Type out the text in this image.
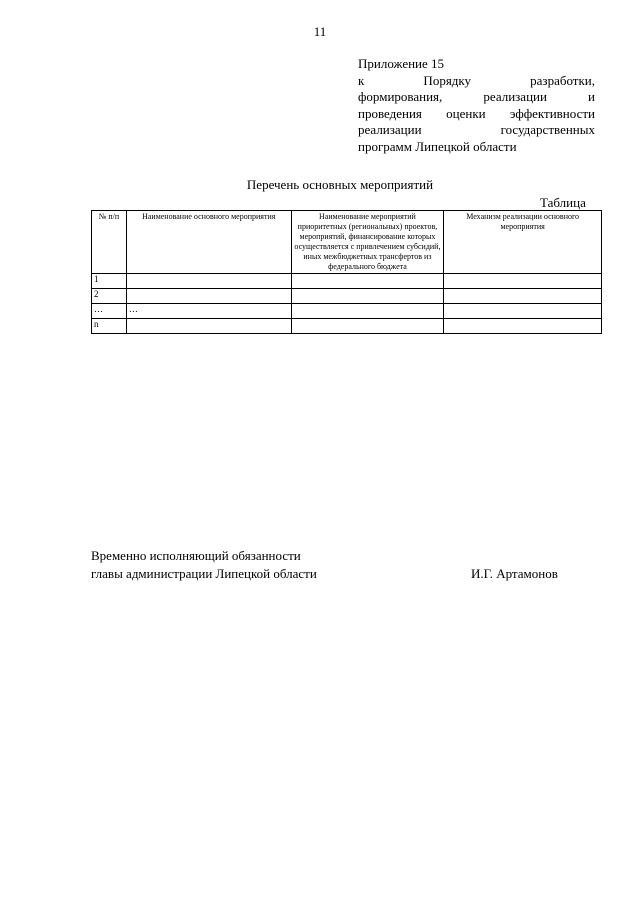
11
Приложение 15
к Порядку разработки,
формирования, реализации и
проведения оценки эффективности
реализации государственных
программ Липецкой области
Перечень основных мероприятий
Таблица
№ п/п	Наименование основного мероприятия	Наименование мероприятий приоритетных (региональных) проектов, мероприятий, финансирование которых осуществляется с привлечением субсидий, иных межбюджетных трансфертов из федерального бюджета	Механизм реализации основного мероприятия
1			
2			
…	…		
n			
Временно исполняющий обязанности
главы администрации Липецкой области	И.Г. Артамонов
